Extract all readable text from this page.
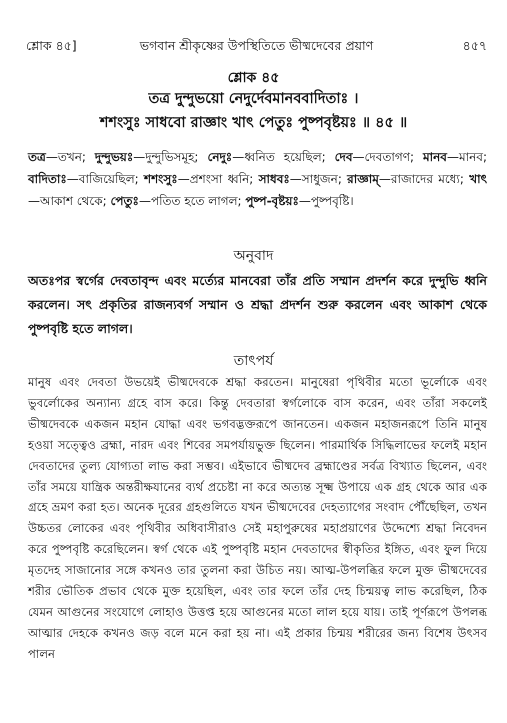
শ্লোক ৪৫]	ভগবান শ্রীকৃষ্ণের উপস্থিতিতে ভীষ্মদেবের প্রয়াণ	৪৫৭
শ্লোক ৪৫
তত্র দুন্দুভয়ো নেদুর্দেবমানববাদিতাঃ ।
শশংসুঃ সাধবো রাজ্ঞাং খাৎ পেতুঃ পুষ্পবৃষ্টয়ঃ ॥ ৪৫ ॥
তত্র—তখন; দুন্দুভয়ঃ—দুন্দুভিসমূহ; নেদুঃ—ধ্বনিত হয়েছিল; দেব—দেবতাগণ; মানব—মানব; বাদিতাঃ—বাজিয়েছিল; শশংসুঃ—প্রশংসা ধ্বনি; সাধবঃ—সাধুজন; রাজ্ঞাম্—রাজাদের মধ্যে; খাৎ—আকাশ থেকে; পেতুঃ—পতিত হতে লাগল; পুষ্প-বৃষ্টয়ঃ—পুষ্পবৃষ্টি।
অনুবাদ
অতঃপর স্বর্গের দেবতাবৃন্দ এবং মর্ত্যের মানবেরা তাঁর প্রতি সম্মান প্রদর্শন করে দুন্দুভি ধ্বনি করলেন। সৎ প্রকৃতির রাজন্যবর্গ সম্মান ও শ্রদ্ধা প্রদর্শন শুরু করলেন এবং আকাশ থেকে পুষ্পবৃষ্টি হতে লাগল।
তাৎপর্য
মানুষ এবং দেবতা উভয়েই ভীষ্মদেবকে শ্রদ্ধা করতেন। মানুষেরা পৃথিবীর মতো ভূর্লোকে এবং ভুবর্লোকের অন্যান্য গ্রহে বাস করে। কিন্তু দেবতারা স্বর্গলোকে বাস করেন, এবং তাঁরা সকলেই ভীষ্মদেবকে একজন মহান যোদ্ধা এবং ভগবদ্ভক্তরূপে জানতেন। একজন মহাজনরূপে তিনি মানুষ হওয়া সত্ত্বেও ব্রহ্মা, নারদ এবং শিবের সমপর্যায়ভুক্ত ছিলেন। পারমার্থিক সিদ্ধিলাভের ফলেই মহান দেবতাদের তুল্য যোগ্যতা লাভ করা সম্ভব। এইভাবে ভীষ্মদেব ব্রহ্মাণ্ডের সর্বত্র বিখ্যাত ছিলেন, এবং তাঁর সময়ে যান্ত্রিক অন্তরীক্ষযানের ব্যর্থ প্রচেষ্টা না করে অত্যন্ত সূক্ষ্ম উপায়ে এক গ্রহ থেকে আর এক গ্রহে ভ্রমণ করা হত। অনেক দূরের গ্রহগুলিতে যখন ভীষ্মদেবের দেহত্যাগের সংবাদ পৌঁছেছিল, তখন উচ্চতর লোকের এবং পৃথিবীর অধিবাসীরাও সেই মহাপুরুষের মহাপ্রয়াণের উদ্দেশ্যে শ্রদ্ধা নিবেদন করে পুষ্পবৃষ্টি করেছিলেন। স্বর্গ থেকে এই পুষ্পবৃষ্টি মহান দেবতাদের স্বীকৃতির ইঙ্গিত, এবং ফুল দিয়ে মৃতদেহ সাজানোর সঙ্গে কখনও তার তুলনা করা উচিত নয়। আত্ম-উপলব্ধির ফলে মুক্ত ভীষ্মদেবের শরীর ভৌতিক প্রভাব থেকে মুক্ত হয়েছিল, এবং তার ফলে তাঁর দেহ চিন্ময়ত্ব লাভ করেছিল, ঠিক যেমন আগুনের সংযোগে লোহাও উত্তপ্ত হয়ে আগুনের মতো লাল হয়ে যায়। তাই পূর্ণরূপে উপলব্ধ আত্মার দেহকে কখনও জড় বলে মনে করা হয় না। এই প্রকার চিন্ময় শরীরের জন্য বিশেষ উৎসব পালন
